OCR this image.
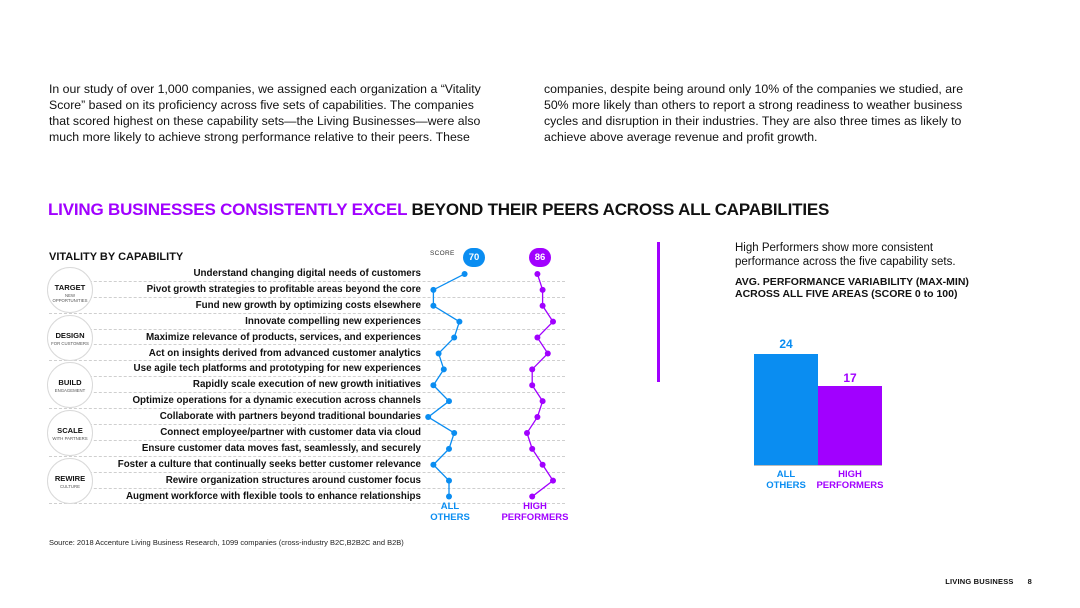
In our study of over 1,000 companies, we assigned each organization a “Vitality Score” based on its proficiency across five sets of capabilities. The companies that scored highest on these capability sets—the Living Businesses—were also much more likely to achieve strong performance relative to their peers. These

companies, despite being around only 10% of the companies we studied, are 50% more likely than others to report a strong readiness to weather business cycles and disruption in their industries. They are also three times as likely to achieve above average revenue and profit growth.

LIVING BUSINESSES CONSISTENTLY EXCEL BEYOND THEIR PEERS ACROSS ALL CAPABILITIES
VITALITY BY CAPABILITY	SCORE	70	86
Understand changing digital needs of customers
Pivot growth strategies to profitable areas beyond the core
Fund new growth by optimizing costs elsewhere
Innovate compelling new experiences
Maximize relevance of products, services, and experiences
Act on insights derived from advanced customer analytics
Use agile tech platforms and prototyping for new experiences
Rapidly scale execution of new growth initiatives
Optimize operations for a dynamic execution across channels
Collaborate with partners beyond traditional boundaries
Connect employee/partner with customer data via cloud
Ensure customer data moves fast, seamlessly, and securely
Foster a culture that continually seeks better customer relevance
Rewire organization structures around customer focus
Augment workforce with flexible tools to enhance relationships
TARGET
NEW OPPORTUNITIES
DESIGN
FOR CUSTOMERS
BUILD
ENGAGEMENT
SCALE
WITH PARTNERS
REWIRE
CULTURE
ALL
OTHERS
HIGH
PERFORMERS

High Performers show more consistent performance across the five capability sets.

AVG. PERFORMANCE VARIABILITY (MAX-MIN) ACROSS ALL FIVE AREAS (SCORE 0 to 100)

24
17
ALL
OTHERS
HIGH
PERFORMERS
Source: 2018 Accenture Living Business Research, 1099 companies (cross-industry B2C,B2B2C and B2B)
LIVING BUSINESS 8
